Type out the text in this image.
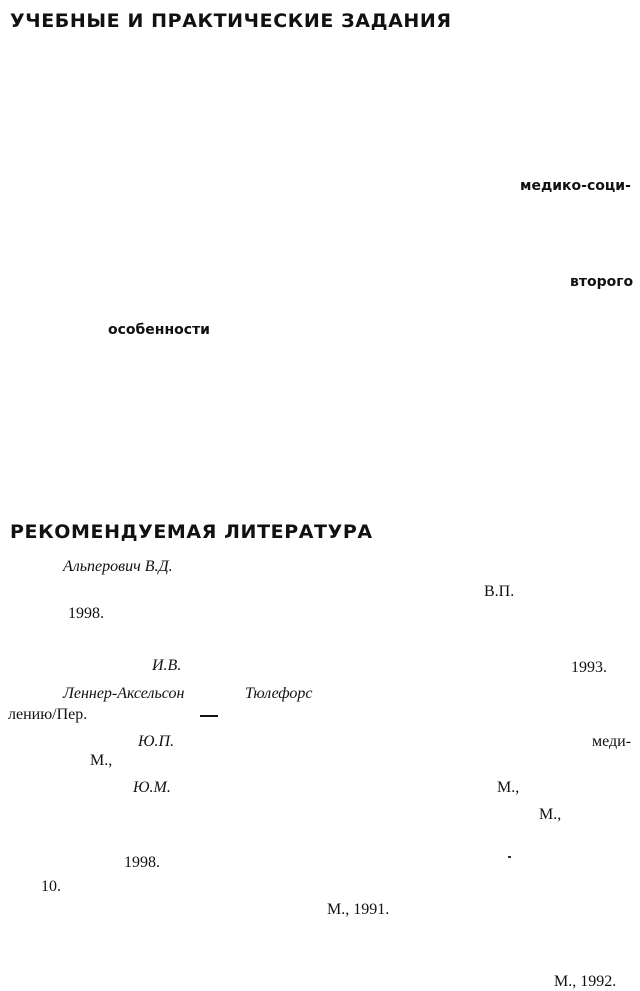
УЧЕБНЫЕ И ПРАКТИЧЕСКИЕ ЗАДАНИЯ
медико-соци-
второго
особенности
РЕКОМЕНДУЕМАЯ ЛИТЕРАТУРА
Альперович В.Д.
В.П.
1998.
И.В.	1993.
Леннер-Аксельсон	Тюлефорс
лению/Пер.
Ю.П.	меди-
М.,
Ю.М.	М.,
М.,
1998.
10.
М., 1991.
М., 1992.
